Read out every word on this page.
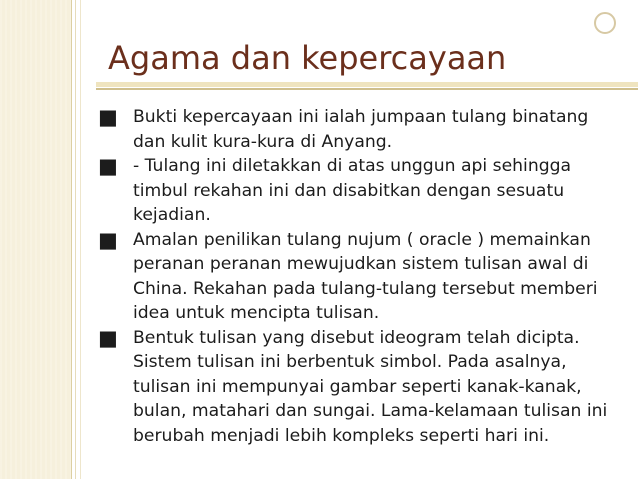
Agama dan kepercayaan
■ Bukti kepercayaan ini ialah jumpaan tulang binatang dan kulit kura-kura di Anyang.
■ - Tulang ini diletakkan di atas unggun api sehingga timbul rekahan ini dan disabitkan dengan sesuatu kejadian.
■ Amalan penilikan tulang nujum ( oracle ) memainkan peranan peranan mewujudkan sistem tulisan awal di China. Rekahan pada tulang-tulang tersebut memberi idea untuk mencipta tulisan.
■ Bentuk tulisan yang disebut ideogram telah dicipta. Sistem tulisan ini berbentuk simbol. Pada asalnya, tulisan ini mempunyai gambar seperti kanak-kanak, bulan, matahari dan sungai. Lama-kelamaan tulisan ini berubah menjadi lebih kompleks seperti hari ini.
